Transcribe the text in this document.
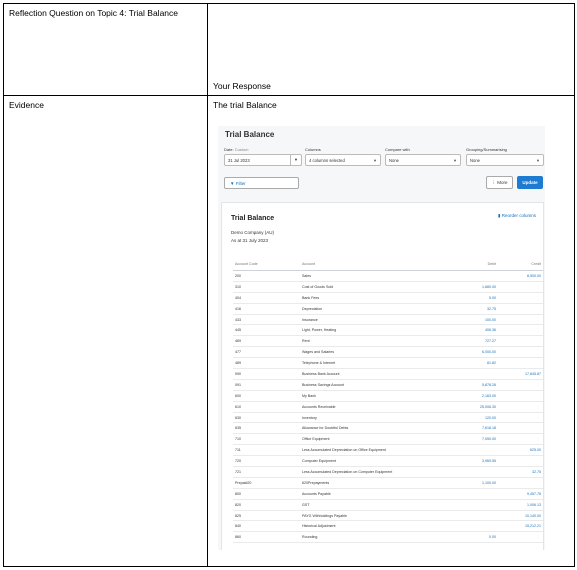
Reflection Question on Topic 4: Trial Balance	Your Response

Evidence	The trial Balance
Trial Balance
Date: Custom
31 Jul 2023	▼
Columns
4 columns selected	▼
Compare with
None	▼
Grouping/Summarising
None	▼
▼ Filter	⋮ More	Update
Trial Balance	▮ Reorder columns
Demo Company (AU)
As at 31 July 2023
Account Code	Account	Debit	Credit
200	Sales		8,500.00
310	Cost of Goods Sold	1,680.00	
404	Bank Fees	5.00	
416	Depreciation	32.75	
433	Insurance	100.00	
445	Light, Power, Heating	406.36	
469	Rent	727.27	
477	Wages and Salaries	6,000.00	
489	Telephone & Internet	81.82	
090	Business Bank Account		17,845.87
091	Business Savings Account	5,878.26	
600	My Bank	2,163.00	
610	Accounts Receivable	25,006.30	
630	Inventory	120.00	
635	Allowance for Doubtful Debts	7,618.18	
710	Office Equipment	7,050.00	
711	Less Accumulated Depreciation on Office Equipment		625.00
720	Computer Equipment	3,969.55	
721	Less Accumulated Depreciation on Computer Equipment		32.75
Prepaid20	620Prepayments	1,100.00	
800	Accounts Payable		9,457.78
820	GST		1,006.13
825	PAYG Withholdings Payable		10,140.00
840	Historical Adjustment		15,212.21
860	Rounding	0.00	
